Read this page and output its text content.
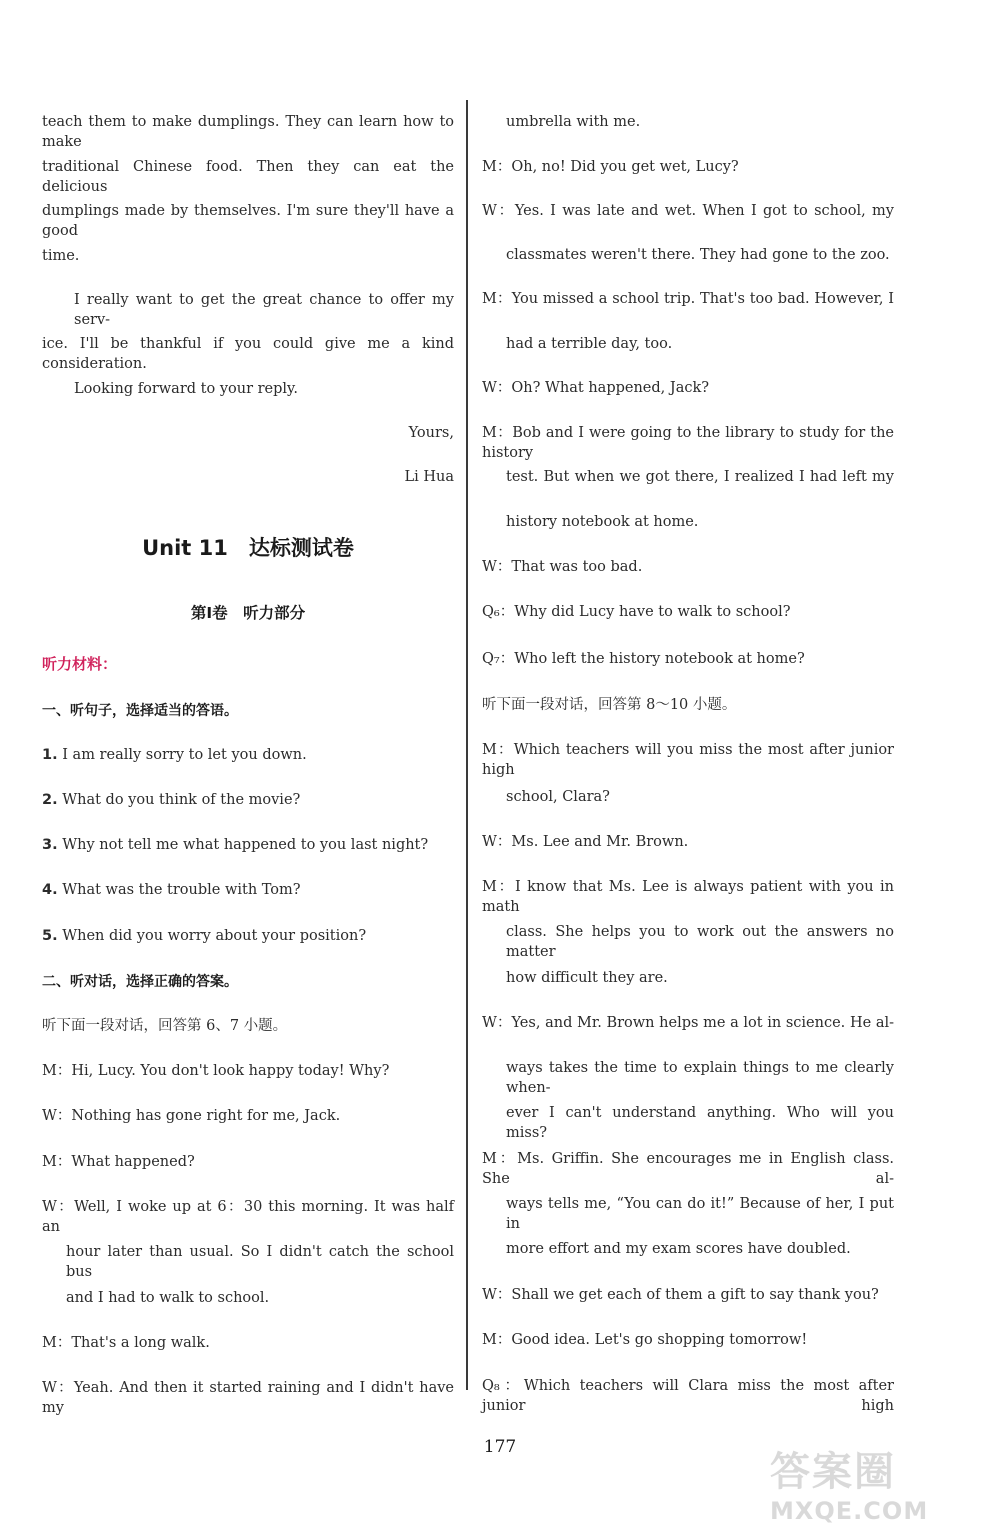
teach them to make dumplings. They can learn how to make
traditional Chinese food. Then they can eat the delicious
dumplings made by themselves. I'm sure they'll have a good
time.
I really want to get the great chance to offer my serv-
ice. I'll be thankful if you could give me a kind consideration.
Looking forward to your reply.
Yours,
Li Hua
Unit 11　达标测试卷
第Ⅰ卷　听力部分
听力材料：
一、听句子，选择适当的答语。
1. I am really sorry to let you down.
2. What do you think of the movie?
3. Why not tell me what happened to you last night?
4. What was the trouble with Tom?
5. When did you worry about your position?
二、听对话，选择正确的答案。
听下面一段对话，回答第 6、7 小题。
M：Hi, Lucy. You don't look happy today! Why?
W：Nothing has gone right for me, Jack.
M：What happened?
W：Well, I woke up at 6：30 this morning. It was half an
hour later than usual. So I didn't catch the school bus
and I had to walk to school.
M：That's a long walk.
W：Yeah. And then it started raining and I didn't have my
umbrella with me.
M：Oh, no! Did you get wet, Lucy?
W：Yes. I was late and wet. When I got to school, my
classmates weren't there. They had gone to the zoo.
M：You missed a school trip. That's too bad. However, I
had a terrible day, too.
W：Oh? What happened, Jack?
M：Bob and I were going to the library to study for the history
test. But when we got there, I realized I had left my
history notebook at home.
W：That was too bad.
Q₆：Why did Lucy have to walk to school?
Q₇：Who left the history notebook at home?
听下面一段对话，回答第 8～10 小题。
M：Which teachers will you miss the most after junior high
school, Clara?
W：Ms. Lee and Mr. Brown.
M：I know that Ms. Lee is always patient with you in math
class. She helps you to work out the answers no matter
how difficult they are.
W：Yes, and Mr. Brown helps me a lot in science. He al-
ways takes the time to explain things to me clearly when-
ever I can't understand anything. Who will you miss?
M：Ms. Griffin. She encourages me in English class. She al-
ways tells me, “You can do it!” Because of her, I put in
more effort and my exam scores have doubled.
W：Shall we get each of them a gift to say thank you?
M：Good idea. Let's go shopping tomorrow!
Q₈：Which teachers will Clara miss the most after junior high
177
答案圈
MXQE.COM
